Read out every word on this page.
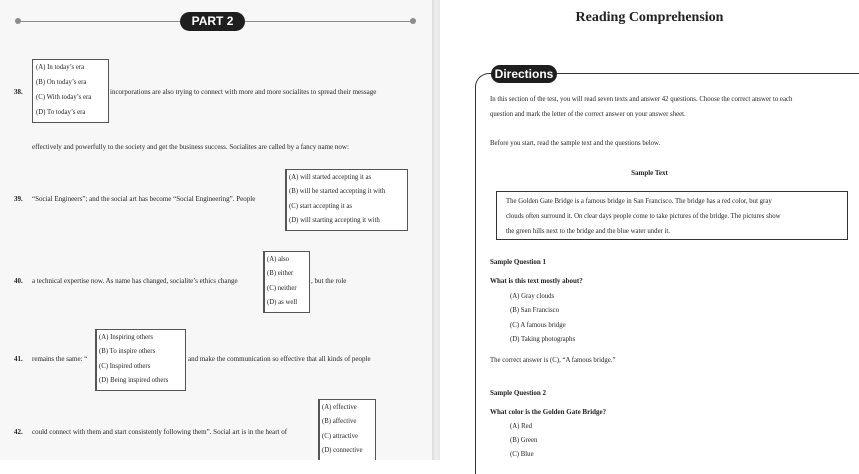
PART 2
38.
(A) In today’s era
(B) On today’s era
(C) With today’s era
(D) To today’s era
incorporations are also trying to connect with more and more socialites to spread their message
effectively and powerfully to the society and get the business success. Socialites are called by a fancy name now:
39. “Social Engineers”; and the social art has become “Social Engineering”. People
(A) will started accepting it as
(B) will be started accepting it with
(C) start accepting it as
(D) will starting accepting it with
40. a technical expertise now. As name has changed, socialite’s ethics change
(A) also
(B) either
(C) neither
(D) as well
, but the role
41. remains the same: “
(A) Inspiring others
(B) To inspire others
(C) Inspired others
(D) Being inspired others
and make the communication so effective that all kinds of people
42. could connect with them and start consistently following them”. Social art is in the heart of
(A) effective
(B) affective
(C) attractive
(D) connective
Reading Comprehension
Directions
In this section of the test, you will read seven texts and answer 42 questions. Choose the correct answer to each
question and mark the letter of the correct answer on your answer sheet.
Before you start, read the sample text and the questions below.
Sample Text
The Golden Gate Bridge is a famous bridge in San Francisco. The bridge has a red color, but gray
clouds often surround it. On clear days people come to take pictures of the bridge. The pictures show
the green hills next to the bridge and the blue water under it.
Sample Question 1
What is this text mostly about?
(A) Gray clouds
(B) San Francisco
(C) A famous bridge
(D) Taking photographs
The correct answer is (C), “A famous bridge.”
Sample Question 2
What color is the Golden Gate Bridge?
(A) Red
(B) Green
(C) Blue
